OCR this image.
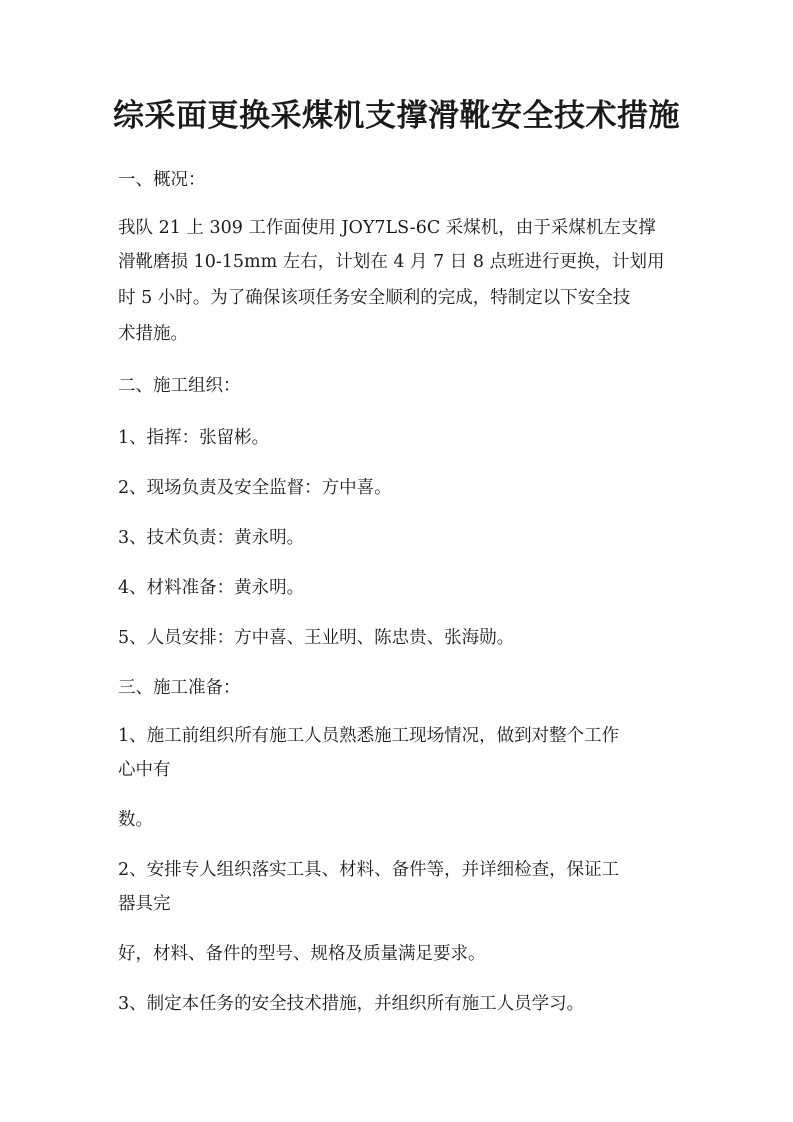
综采面更换采煤机支撑滑靴安全技术措施
一、概况：
我队 21 上 309 工作面使用 JOY7LS-6C 采煤机，由于采煤机左支撑
滑靴磨损 10-15mm 左右，计划在 4 月 7 日 8 点班进行更换，计划用
时 5 小时。为了确保该项任务安全顺利的完成，特制定以下安全技
术措施。
二、施工组织：
1、指挥：张留彬。
2、现场负责及安全监督：方中喜。
3、技术负责：黄永明。
4、材料准备：黄永明。
5、人员安排：方中喜、王业明、陈忠贵、张海勋。
三、施工准备：
1、施工前组织所有施工人员熟悉施工现场情况，做到对整个工作
心中有
数。
2、安排专人组织落实工具、材料、备件等，并详细检查，保证工
器具完
好，材料、备件的型号、规格及质量满足要求。
3、制定本任务的安全技术措施，并组织所有施工人员学习。
